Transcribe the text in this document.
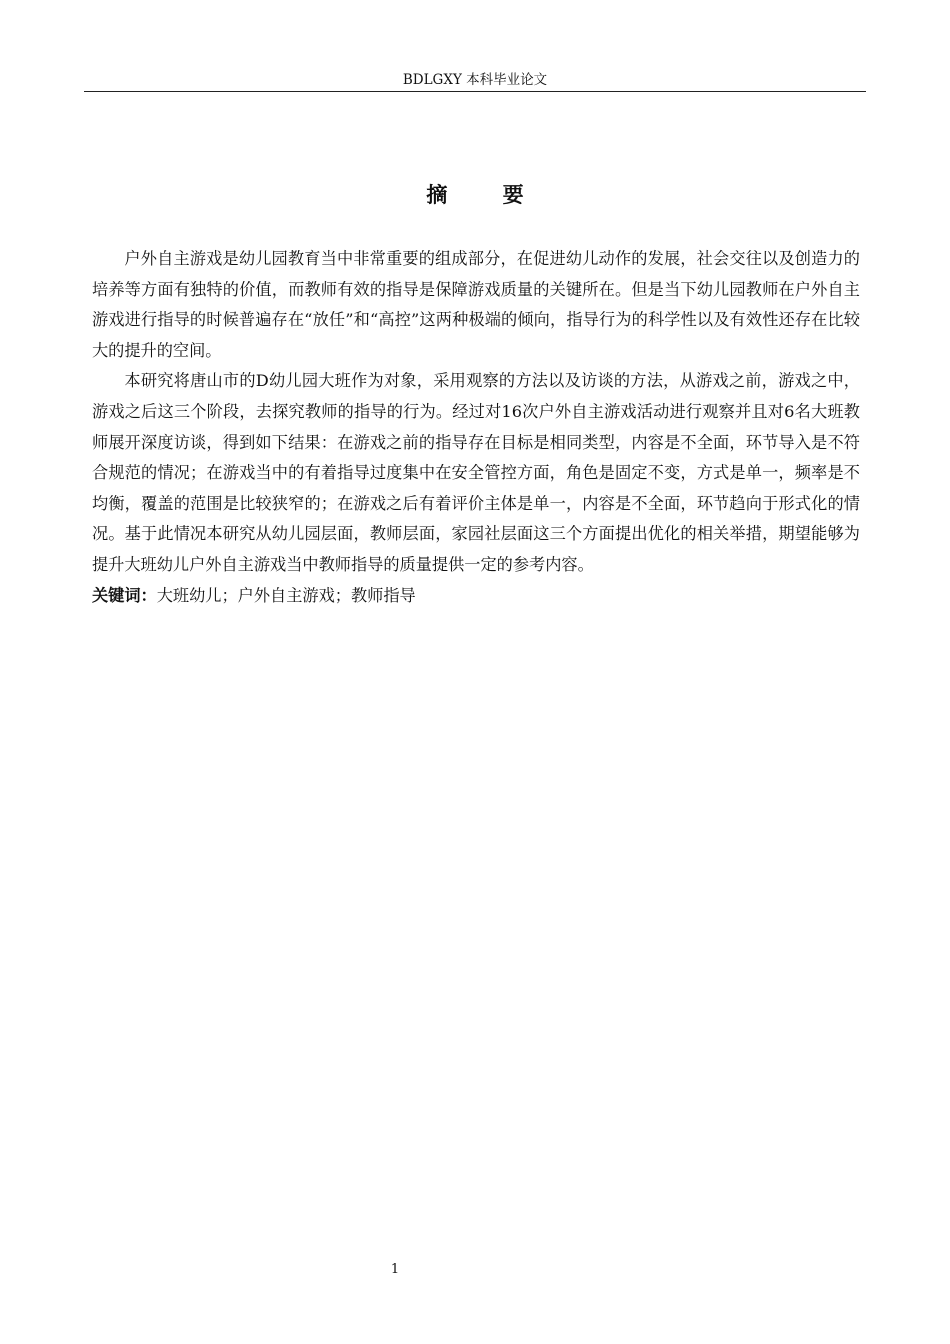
BDLGXY 本科毕业论文
摘 要

户外自主游戏是幼儿园教育当中非常重要的组成部分，在促进幼儿动作的发展，社会交往以及创造力的培养等方面有独特的价值，而教师有效的指导是保障游戏质量的关键所在。但是当下幼儿园教师在户外自主游戏进行指导的时候普遍存在“放任”和“高控”这两种极端的倾向，指导行为的科学性以及有效性还存在比较大的提升的空间。

本研究将唐山市的D幼儿园大班作为对象，采用观察的方法以及访谈的方法，从游戏之前，游戏之中，游戏之后这三个阶段，去探究教师的指导的行为。经过对16次户外自主游戏活动进行观察并且对6名大班教师展开深度访谈，得到如下结果：在游戏之前的指导存在目标是相同类型，内容是不全面，环节导入是不符合规范的情况；在游戏当中的有着指导过度集中在安全管控方面，角色是固定不变，方式是单一，频率是不均衡，覆盖的范围是比较狭窄的；在游戏之后有着评价主体是单一，内容是不全面，环节趋向于形式化的情况。基于此情况本研究从幼儿园层面，教师层面，家园社层面这三个方面提出优化的相关举措，期望能够为提升大班幼儿户外自主游戏当中教师指导的质量提供一定的参考内容。

关键词：大班幼儿；户外自主游戏；教师指导

1
